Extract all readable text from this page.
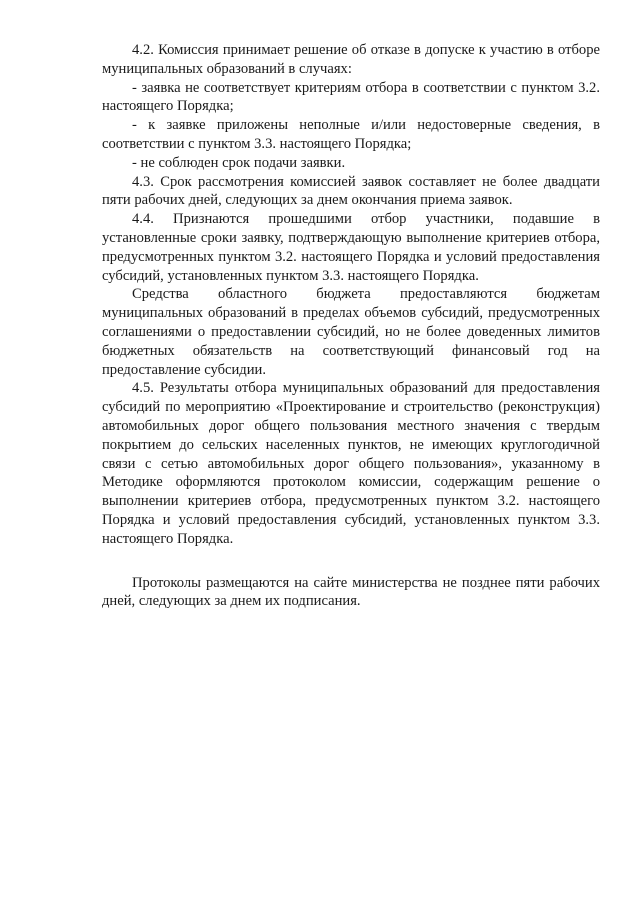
4.2. Комиссия принимает решение об отказе в допуске к участию в отборе муниципальных образований в случаях:

- заявка не соответствует критериям отбора в соответствии с пунктом 3.2. настоящего Порядка;

- к заявке приложены неполные и/или недостоверные сведения, в соответствии с пунктом 3.3. настоящего Порядка;

- не соблюден срок подачи заявки.

4.3. Срок рассмотрения комиссией заявок составляет не более двадцати пяти рабочих дней, следующих за днем окончания приема заявок.

4.4. Признаются прошедшими отбор участники, подавшие в установленные сроки заявку, подтверждающую выполнение критериев отбора, предусмотренных пунктом 3.2. настоящего Порядка и условий предоставления субсидий, установленных пунктом 3.3. настоящего Порядка.

Средства областного бюджета предоставляются бюджетам муниципальных образований в пределах объемов субсидий, предусмотренных соглашениями о предоставлении субсидий, но не более доведенных лимитов бюджетных обязательств на соответствующий финансовый год на предоставление субсидии.

4.5. Результаты отбора муниципальных образований для предоставления субсидий по мероприятию «Проектирование и строительство (реконструкция) автомобильных дорог общего пользования местного значения с твердым покрытием до сельских населенных пунктов, не имеющих круглогодичной связи с сетью автомобильных дорог общего пользования», указанному в Методике оформляются протоколом комиссии, содержащим решение о выполнении критериев отбора, предусмотренных пунктом 3.2. настоящего Порядка и условий предоставления субсидий, установленных пунктом 3.3. настоящего Порядка.

Протоколы размещаются на сайте министерства не позднее пяти рабочих дней, следующих за днем их подписания.
